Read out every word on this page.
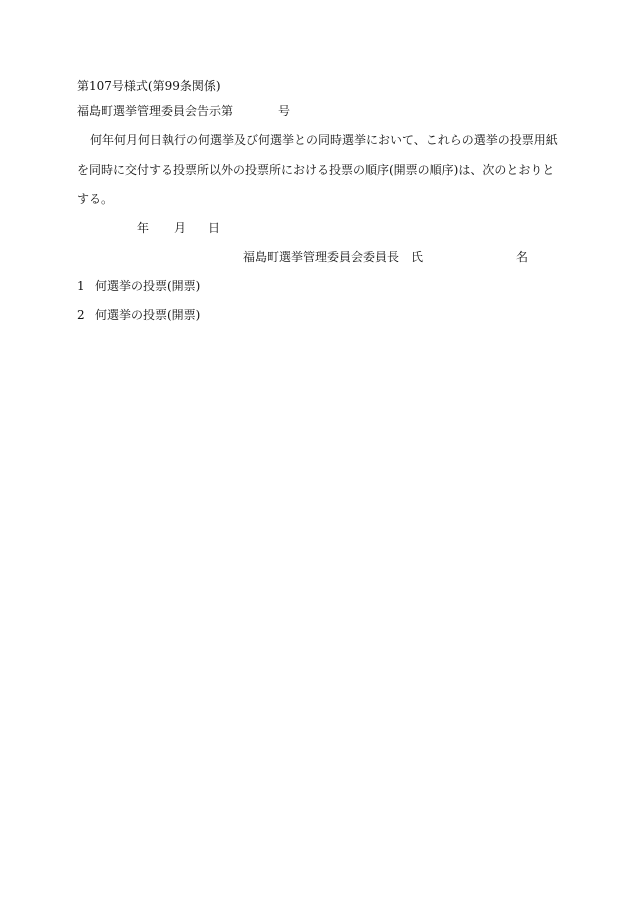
第107号様式(第99条関係)
福島町選挙管理委員会告示第	号
何年何月何日執行の何選挙及び何選挙との同時選挙において、これらの選挙の投票用紙
を同時に交付する投票所以外の投票所における投票の順序(開票の順序)は、次のとおりと
する。
年 月 日
福島町選挙管理委員会委員長　氏	名
1 何選挙の投票(開票)
2 何選挙の投票(開票)
